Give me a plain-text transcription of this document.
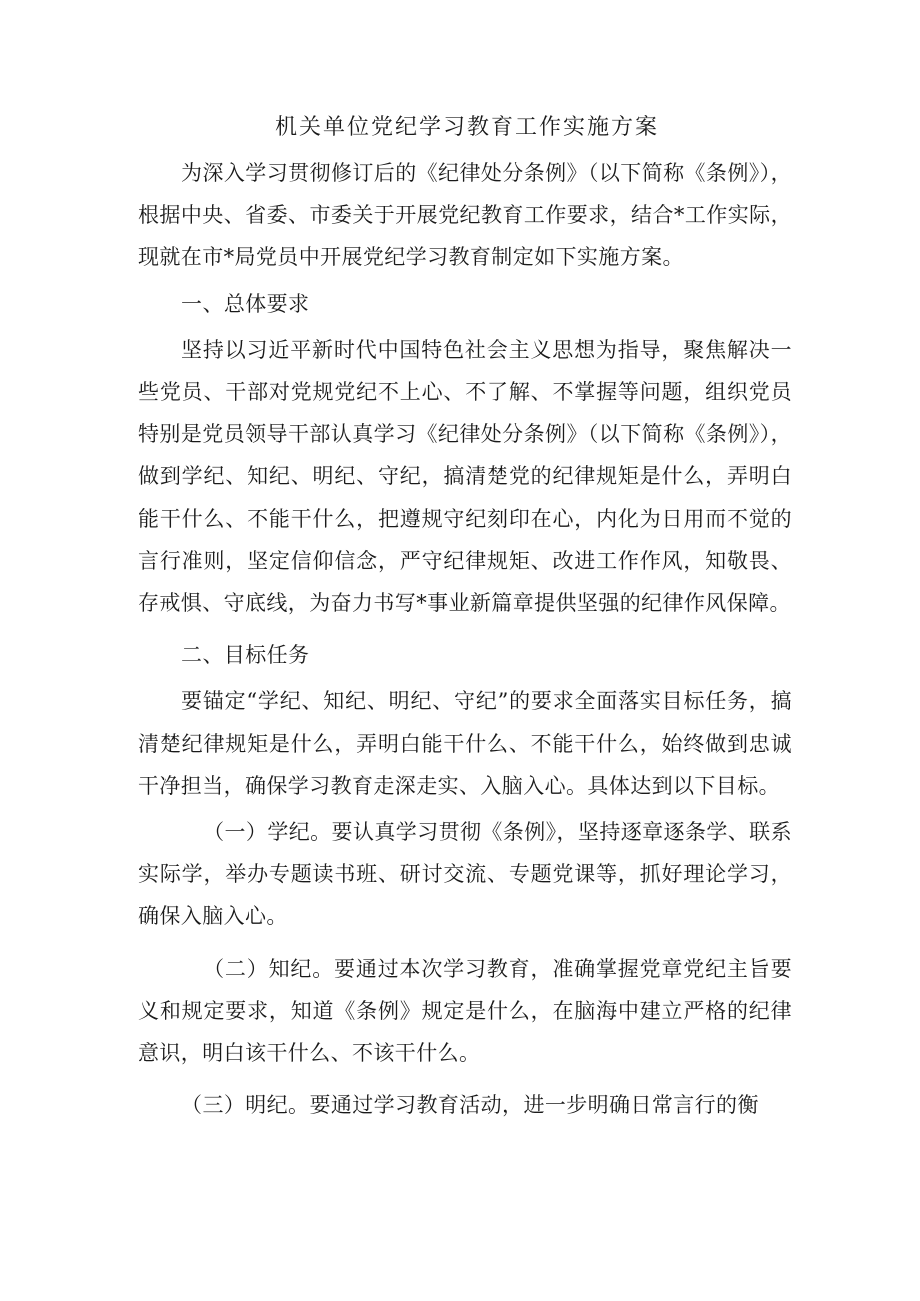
机关单位党纪学习教育工作实施方案

为深入学习贯彻修订后的《纪律处分条例》（以下简称《条例》），根据中央、省委、市委关于开展党纪教育工作要求，结合*工作实际，现就在市*局党员中开展党纪学习教育制定如下实施方案。

一、总体要求

坚持以习近平新时代中国特色社会主义思想为指导，聚焦解决一些党员、干部对党规党纪不上心、不了解、不掌握等问题，组织党员特别是党员领导干部认真学习《纪律处分条例》（以下简称《条例》），做到学纪、知纪、明纪、守纪，搞清楚党的纪律规矩是什么，弄明白能干什么、不能干什么，把遵规守纪刻印在心，内化为日用而不觉的言行准则，坚定信仰信念，严守纪律规矩、改进工作作风，知敬畏、存戒惧、守底线，为奋力书写*事业新篇章提供坚强的纪律作风保障。

二、目标任务

要锚定“学纪、知纪、明纪、守纪”的要求全面落实目标任务，搞清楚纪律规矩是什么，弄明白能干什么、不能干什么，始终做到忠诚干净担当，确保学习教育走深走实、入脑入心。具体达到以下目标。

（一）学纪。要认真学习贯彻《条例》，坚持逐章逐条学、联系实际学，举办专题读书班、研讨交流、专题党课等，抓好理论学习，确保入脑入心。

（二）知纪。要通过本次学习教育，准确掌握党章党纪主旨要义和规定要求，知道《条例》规定是什么，在脑海中建立严格的纪律意识，明白该干什么、不该干什么。

（三）明纪。要通过学习教育活动，进一步明确日常言行的衡
